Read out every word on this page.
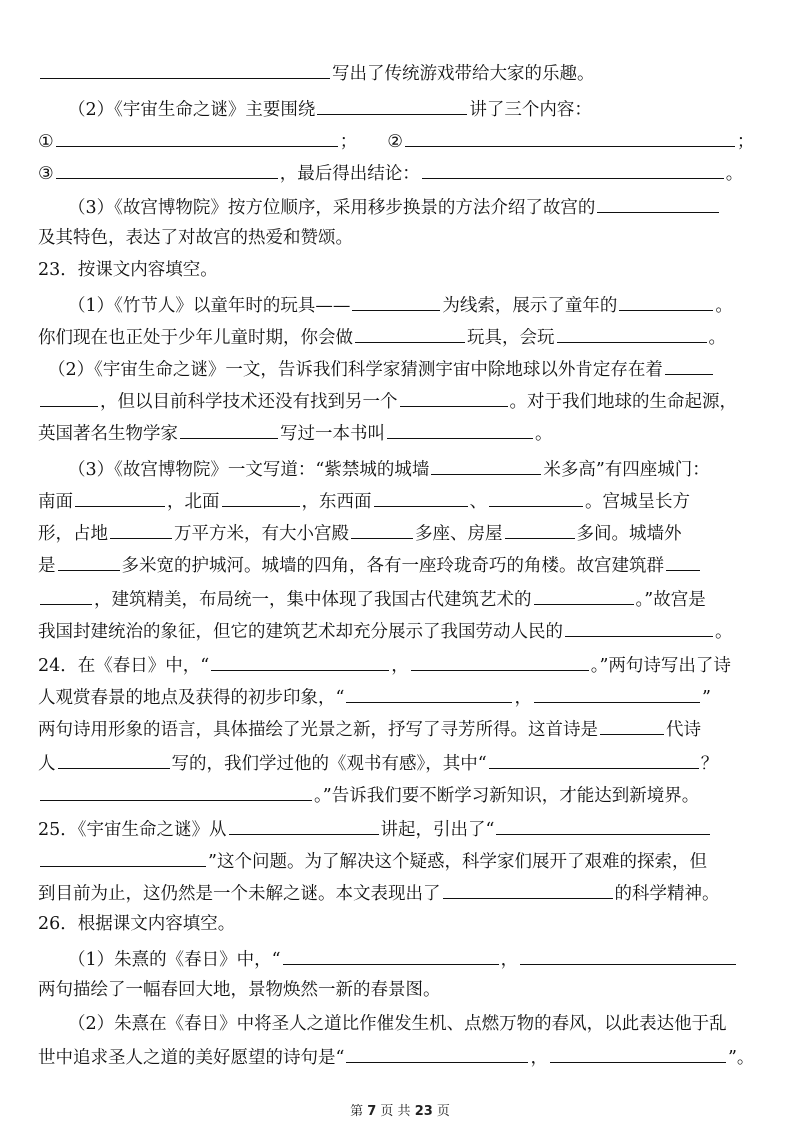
写出了传统游戏带给大家的乐趣。
（2）《宇宙生命之谜》主要围绕	讲了三个内容：
①	； ②	；
③	，最后得出结论：	。
（3）《故宫博物院》按方位顺序，采用移步换景的方法介绍了故宫的
及其特色，表达了对故宫的热爱和赞颂。
23．按课文内容填空。
（1）《竹节人》以童年时的玩具——	为线索，展示了童年的	。
你们现在也正处于少年儿童时期，你会做	玩具，会玩	。
（2）《宇宙生命之谜》一文，告诉我们科学家猜测宇宙中除地球以外肯定存在着
，但以目前科学技术还没有找到另一个	。对于我们地球的生命起源，
英国著名生物学家	写过一本书叫	。
（3）《故宫博物院》一文写道：“紫禁城的城墙	米多高”有四座城门：
南面	，北面	，东西面	、	。宫城呈长方
形，占地	万平方米，有大小宫殿	多座、房屋	多间。城墙外
是	多米宽的护城河。城墙的四角，各有一座玲珑奇巧的角楼。故宫建筑群
，建筑精美，布局统一，集中体现了我国古代建筑艺术的	。”故宫是
我国封建统治的象征，但它的建筑艺术却充分展示了我国劳动人民的	。
24．在《春日》中，“	，	。”两句诗写出了诗
人观赏春景的地点及获得的初步印象，“	，	”
两句诗用形象的语言，具体描绘了光景之新，抒写了寻芳所得。这首诗是	代诗
人	写的，我们学过他的《观书有感》，其中“	？
。”告诉我们要不断学习新知识，才能达到新境界。
25．《宇宙生命之谜》从	讲起，引出了“
”这个问题。为了解决这个疑惑，科学家们展开了艰难的探索，但
到目前为止，这仍然是一个未解之谜。本文表现出了	的科学精神。
26．根据课文内容填空。
（1）朱熹的《春日》中，“	，
两句描绘了一幅春回大地，景物焕然一新的春景图。
（2）朱熹在《春日》中将圣人之道比作催发生机、点燃万物的春风，以此表达他于乱
世中追求圣人之道的美好愿望的诗句是“	，	”。
第 7 页 共 23 页
